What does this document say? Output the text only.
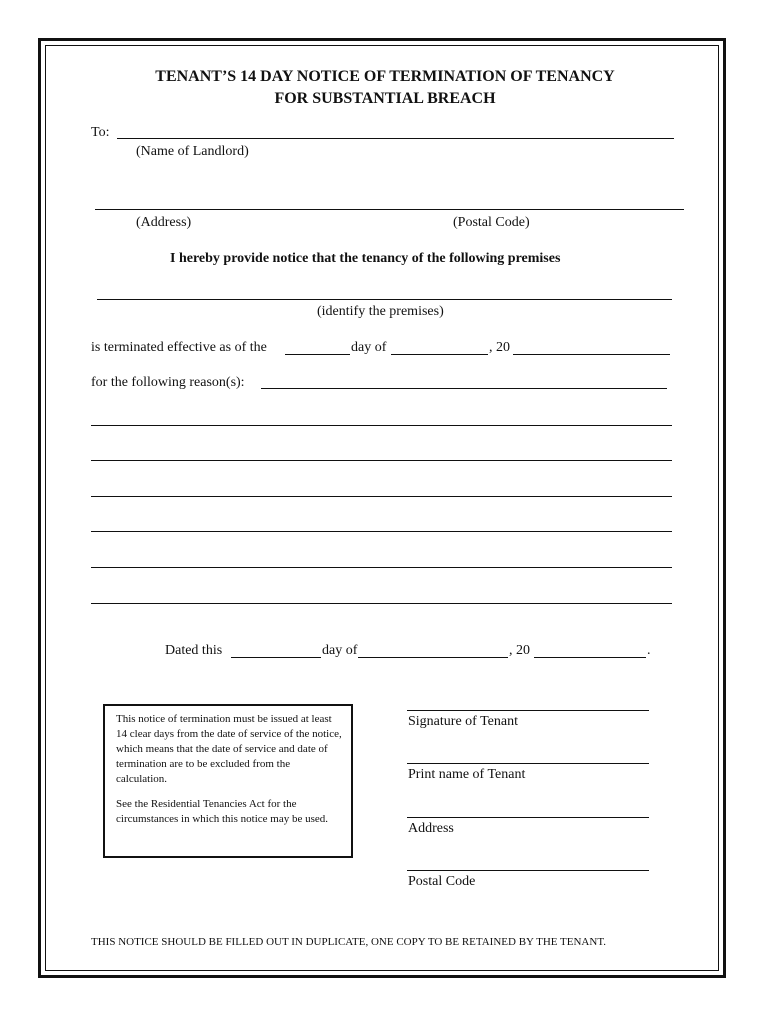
TENANT’S 14 DAY NOTICE OF TERMINATION OF TENANCY
FOR SUBSTANTIAL BREACH
To:
(Name of Landlord)
(Address)	(Postal Code)
I hereby provide notice that the tenancy of the following premises
(identify the premises)
is terminated effective as of the	day of	, 20
for the following reason(s):
Dated this	day of	, 20	.

This notice of termination must be issued at least 14 clear days from the date of service of the notice, which means that the date of service and date of termination are to be excluded from the calculation.

See the Residential Tenancies Act for the circumstances in which this notice may be used.

Signature of Tenant
Print name of Tenant
Address
Postal Code
THIS NOTICE SHOULD BE FILLED OUT IN DUPLICATE, ONE COPY TO BE RETAINED BY THE TENANT.
